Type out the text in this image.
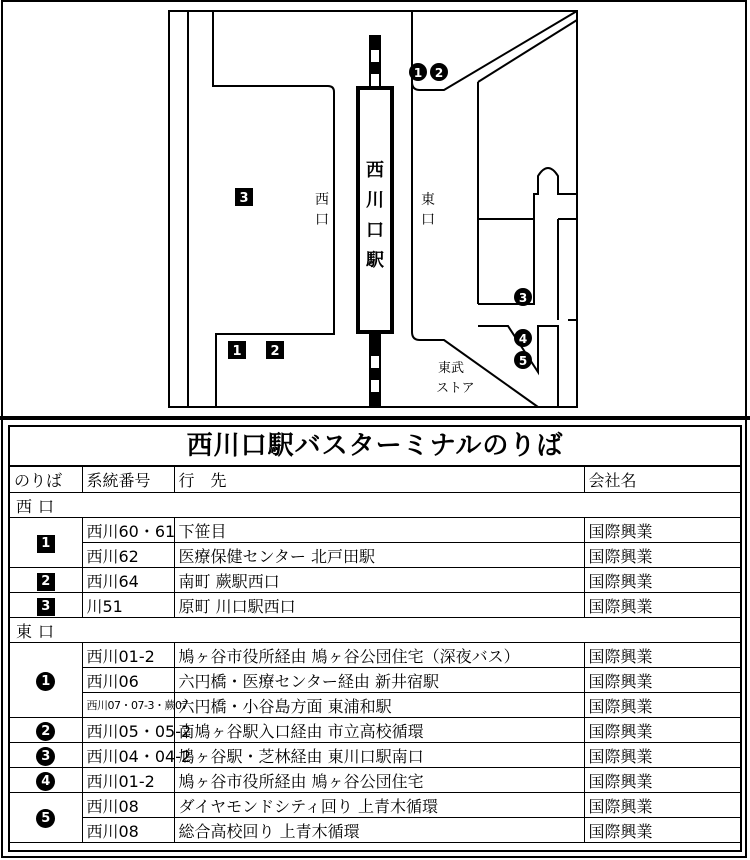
西
川
口
駅
西
口
東
口
東武
ストア
3
1 2
1 2
3
4
5
西川口駅バスターミナルのりば
のりば	系統番号	行　先	会社名
西口			
1	西川60・61	下笹目	国際興業
	西川62	医療保健センター 北戸田駅	国際興業
2	西川64	南町 蕨駅西口	国際興業
3	川51	原町 川口駅西口	国際興業
東口			
1	西川01-2	鳩ヶ谷市役所経由 鳩ヶ谷公団住宅（深夜バス）	国際興業
	西川06	六円橋・医療センター経由 新井宿駅	国際興業
	西川07・07-3・蕨07	六円橋・小谷島方面 東浦和駅	国際興業
2	西川05・05-2	南鳩ヶ谷駅入口経由 市立高校循環	国際興業
3	西川04・04-2	鳩ヶ谷駅・芝林経由 東川口駅南口	国際興業
4	西川01-2	鳩ヶ谷市役所経由 鳩ヶ谷公団住宅	国際興業
5	西川08	ダイヤモンドシティ回り 上青木循環	国際興業
	西川08	総合高校回り 上青木循環	国際興業
